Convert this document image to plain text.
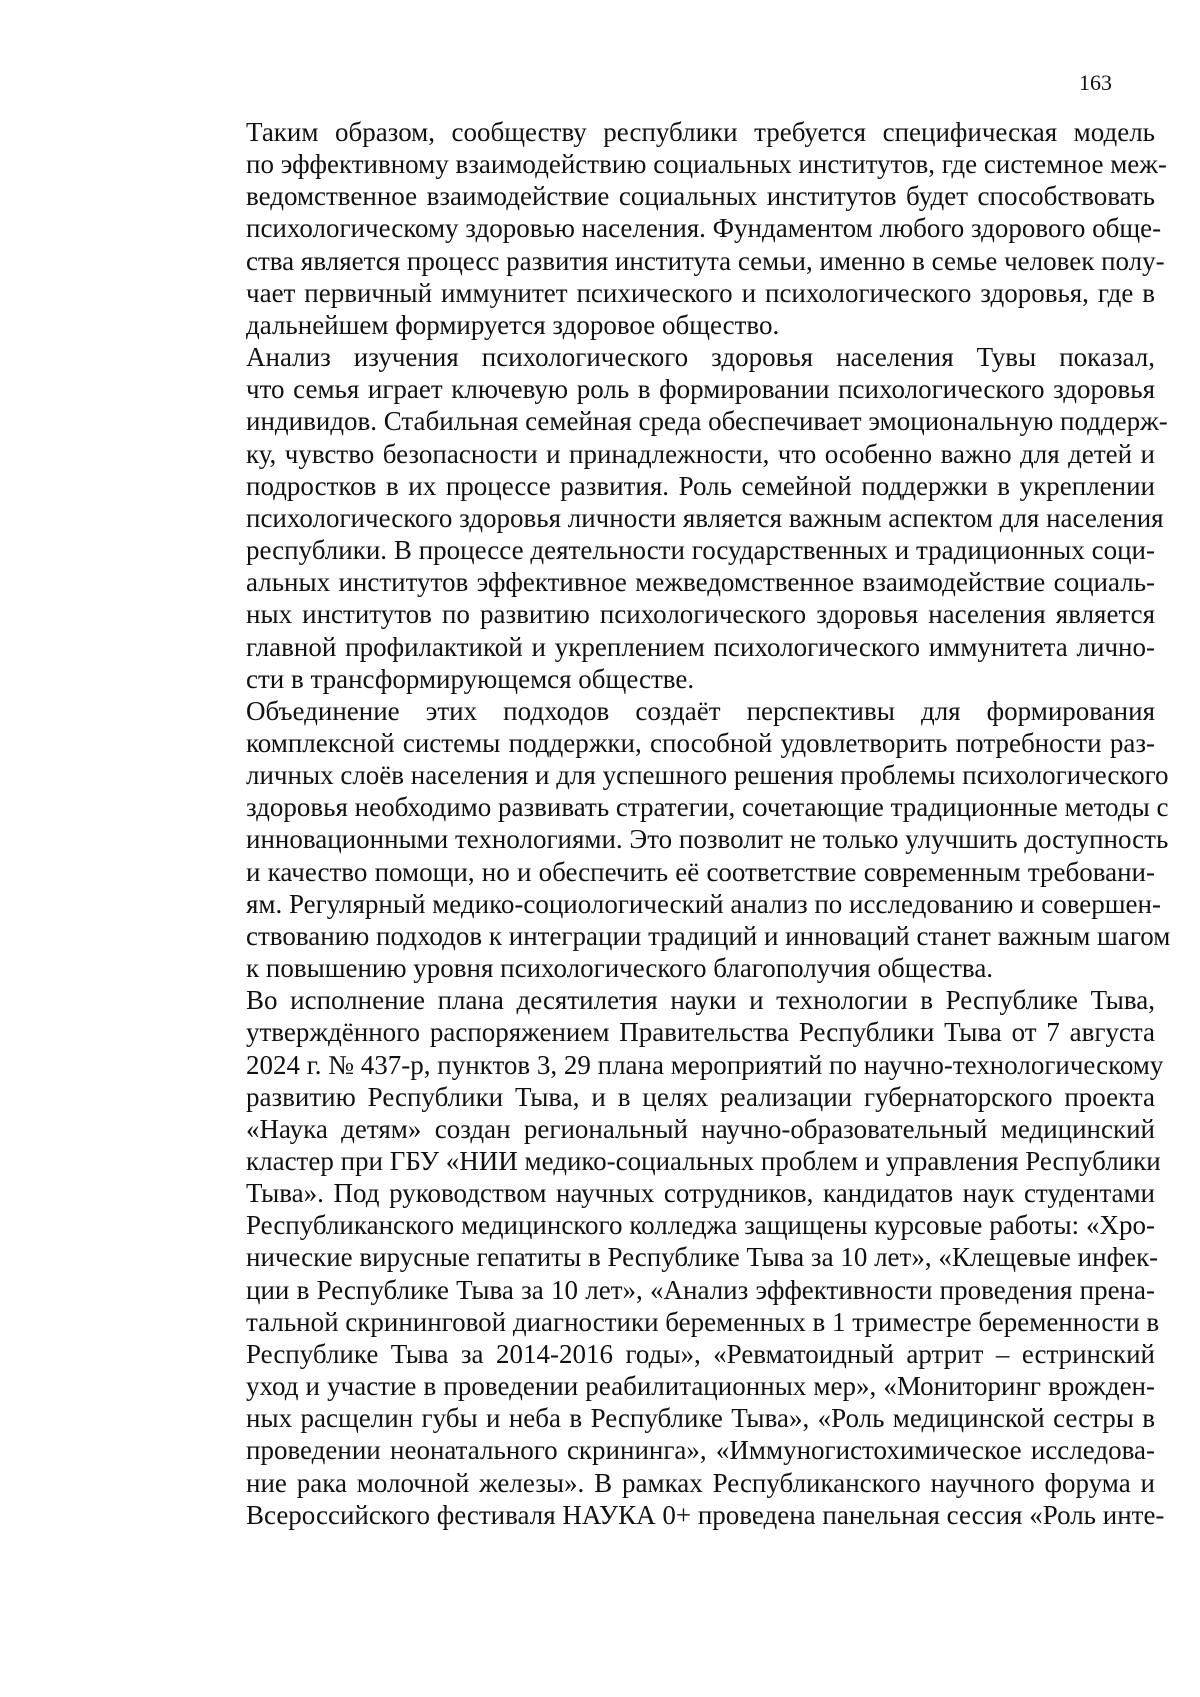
163

Таким образом, сообществу республики требуется специфическая модель
по эффективному взаимодействию социальных институтов, где системное меж-
ведомственное взаимодействие социальных институтов будет способствовать
психологическому здоровью населения. Фундаментом любого здорового обще-
ства является процесс развития института семьи, именно в семье человек полу-
чает первичный иммунитет психического и психологического здоровья, где в
дальнейшем формируется здоровое общество.

Анализ изучения психологического здоровья населения Тувы показал,
что семья играет ключевую роль в формировании психологического здоровья
индивидов. Стабильная семейная среда обеспечивает эмоциональную поддерж-
ку, чувство безопасности и принадлежности, что особенно важно для детей и
подростков в их процессе развития. Роль семейной поддержки в укреплении
психологического здоровья личности является важным аспектом для населения
республики. В процессе деятельности государственных и традиционных соци-
альных институтов эффективное межведомственное взаимодействие социаль-
ных институтов по развитию психологического здоровья населения является
главной профилактикой и укреплением психологического иммунитета лично-
сти в трансформирующемся обществе.

Объединение этих подходов создаёт перспективы для формирования
комплексной системы поддержки, способной удовлетворить потребности раз-
личных слоёв населения и для успешного решения проблемы психологического
здоровья необходимо развивать стратегии, сочетающие традиционные методы с
инновационными технологиями. Это позволит не только улучшить доступность
и качество помощи, но и обеспечить её соответствие современным требовани-
ям. Регулярный медико-социологический анализ по исследованию и совершен-
ствованию подходов к интеграции традиций и инноваций станет важным шагом
к повышению уровня психологического благополучия общества.

Во исполнение плана десятилетия науки и технологии в Республике Тыва,
утверждённого распоряжением Правительства Республики Тыва от 7 августа
2024 г. № 437-р, пунктов 3, 29 плана мероприятий по научно-технологическому
развитию Республики Тыва, и в целях реализации губернаторского проекта
«Наука детям» создан региональный научно-образовательный медицинский
кластер при ГБУ «НИИ медико-социальных проблем и управления Республики
Тыва». Под руководством научных сотрудников, кандидатов наук студентами
Республиканского медицинского колледжа защищены курсовые работы: «Хро-
нические вирусные гепатиты в Республике Тыва за 10 лет», «Клещевые инфек-
ции в Республике Тыва за 10 лет», «Анализ эффективности проведения прена-
тальной скрининговой диагностики беременных в 1 триместре беременности в
Республике Тыва за 2014-2016 годы», «Ревматоидный артрит – естринский
уход и участие в проведении реабилитационных мер», «Мониторинг врожден-
ных расщелин губы и неба в Республике Тыва», «Роль медицинской сестры в
проведении неонатального скрининга», «Иммуногистохимическое исследова-
ние рака молочной железы». В рамках Республиканского научного форума и
Всероссийского фестиваля НАУКА 0+ проведена панельная сессия «Роль инте-
